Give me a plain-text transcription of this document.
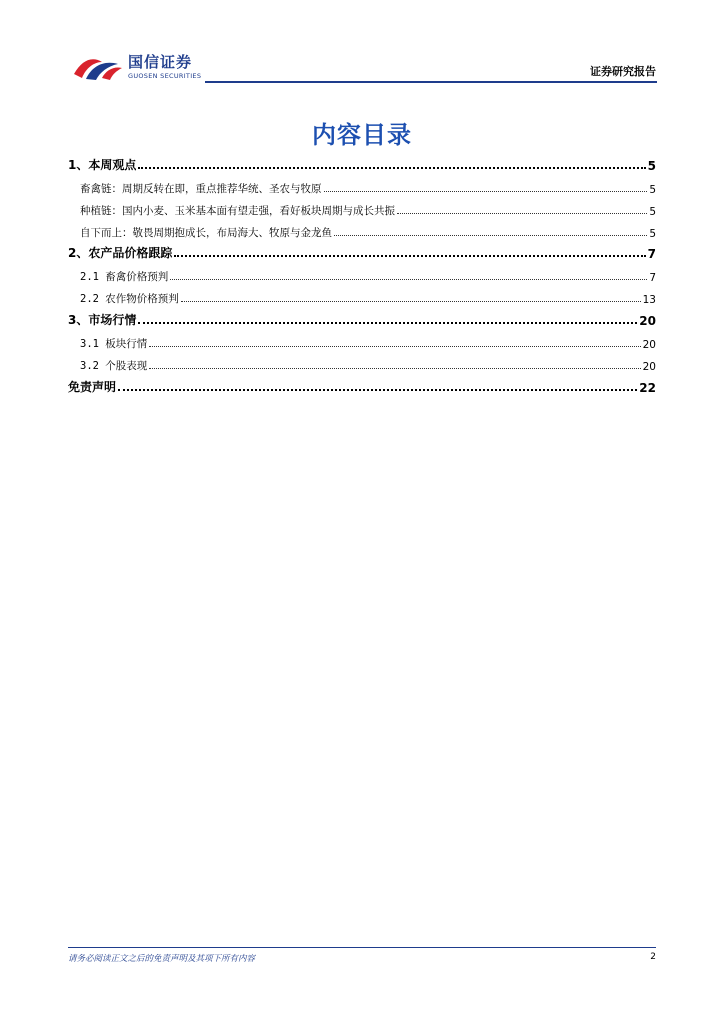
国信证券
GUOSEN SECURITIES	证券研究报告
内容目录
1、本周观点	5
畜禽链：周期反转在即，重点推荐华统、圣农与牧原	5
种植链：国内小麦、玉米基本面有望走强，看好板块周期与成长共振	5
自下而上：敬畏周期抱成长，布局海大、牧原与金龙鱼	5
2、农产品价格跟踪	7
2.1 畜禽价格预判	7
2.2 农作物价格预判	13
3、市场行情	20
3.1 板块行情	20
3.2 个股表现	20
免责声明	22
请务必阅读正文之后的免责声明及其项下所有内容	2
